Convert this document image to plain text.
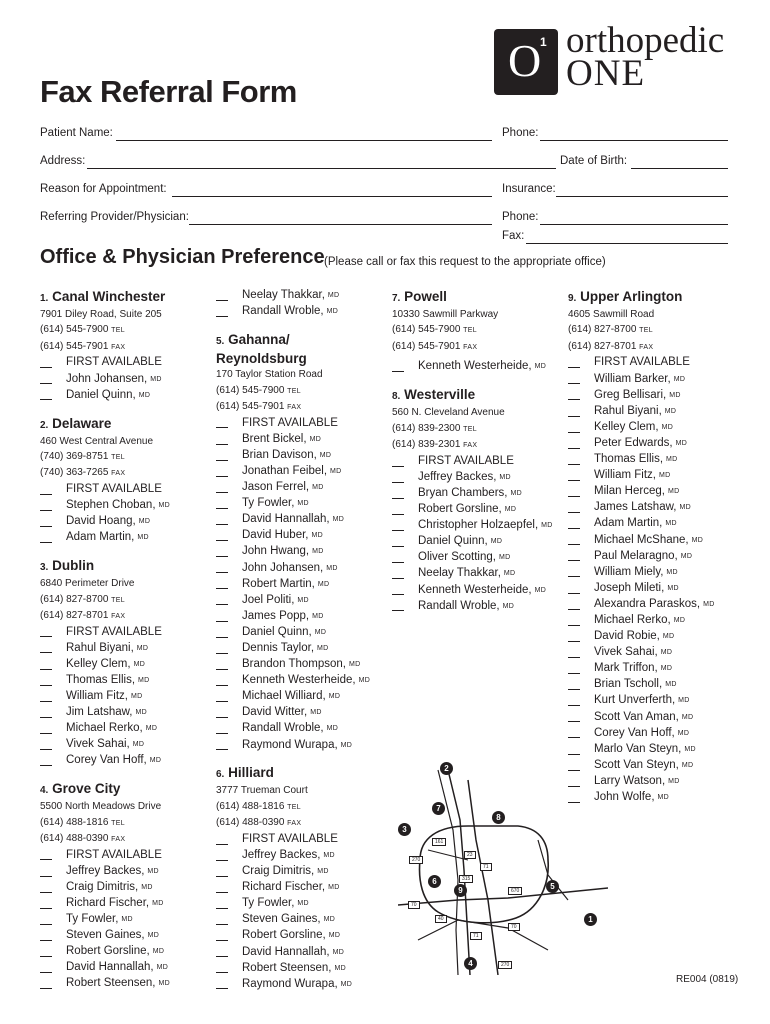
Fax Referral Form
O
1 orthopedic
ONE
Patient Name:	Phone:
Address:	Date of Birth:
Reason for Appointment:	Insurance:
Referring Provider/Physician:	Phone:
Fax:
Office & Physician Preference (Please call or fax this request to the appropriate office)
1. Canal Winchester
7901 Diley Road, Suite 205
(614) 545-7900 TEL
(614) 545-7901 FAX
FIRST AVAILABLE
John Johansen, MD
Daniel Quinn, MD
2. Delaware
460 West Central Avenue
(740) 369-8751 TEL
(740) 363-7265 FAX
FIRST AVAILABLE
Stephen Choban, MD
David Hoang, MD
Adam Martin, MD
3. Dublin
6840 Perimeter Drive
(614) 827-8700 TEL
(614) 827-8701 FAX
FIRST AVAILABLE
Rahul Biyani, MD
Kelley Clem, MD
Thomas Ellis, MD
William Fitz, MD
Jim Latshaw, MD
Michael Rerko, MD
Vivek Sahai, MD
Corey Van Hoff, MD
4. Grove City
5500 North Meadows Drive
(614) 488-1816 TEL
(614) 488-0390 FAX
FIRST AVAILABLE
Jeffrey Backes, MD
Craig Dimitris, MD
Richard Fischer, MD
Ty Fowler, MD
Steven Gaines, MD
Robert Gorsline, MD
David Hannallah, MD
Robert Steensen, MD
Neelay Thakkar, MD
Randall Wroble, MD
5. Gahanna/
Reynoldsburg
170 Taylor Station Road
(614) 545-7900 TEL
(614) 545-7901 FAX
FIRST AVAILABLE
Brent Bickel, MD
Brian Davison, MD
Jonathan Feibel, MD
Jason Ferrel, MD
Ty Fowler, MD
David Hannallah, MD
David Huber, MD
John Hwang, MD
John Johansen, MD
Robert Martin, MD
Joel Politi, MD
James Popp, MD
Daniel Quinn, MD
Dennis Taylor, MD
Brandon Thompson, MD
Kenneth Westerheide, MD
Michael Williard, MD
David Witter, MD
Randall Wroble, MD
Raymond Wurapa, MD
6. Hilliard
3777 Trueman Court
(614) 488-1816 TEL
(614) 488-0390 FAX
FIRST AVAILABLE
Jeffrey Backes, MD
Craig Dimitris, MD
Richard Fischer, MD
Ty Fowler, MD
Steven Gaines, MD
Robert Gorsline, MD
David Hannallah, MD
Robert Steensen, MD
Raymond Wurapa, MD
7. Powell
10330 Sawmill Parkway
(614) 545-7900 TEL
(614) 545-7901 FAX
Kenneth Westerheide, MD
8. Westerville
560 N. Cleveland Avenue
(614) 839-2300 TEL
(614) 839-2301 FAX
FIRST AVAILABLE
Jeffrey Backes, MD
Bryan Chambers, MD
Robert Gorsline, MD
Christopher Holzaepfel, MD
Daniel Quinn, MD
Oliver Scotting, MD
Neelay Thakkar, MD
Kenneth Westerheide, MD
Randall Wroble, MD
9. Upper Arlington
4605 Sawmill Road
(614) 827-8700 TEL
(614) 827-8701 FAX
FIRST AVAILABLE
William Barker, MD
Greg Bellisari, MD
Rahul Biyani, MD
Kelley Clem, MD
Peter Edwards, MD
Thomas Ellis, MD
William Fitz, MD
Milan Herceg, MD
James Latshaw, MD
Adam Martin, MD
Michael McShane, MD
Paul Melaragno, MD
William Miely, MD
Joseph Mileti, MD
Alexandra Paraskos, MD
Michael Rerko, MD
David Robie, MD
Vivek Sahai, MD
Mark Triffon, MD
Brian Tscholl, MD
Kurt Unverferth, MD
Scott Van Aman, MD
Corey Van Hoff, MD
Marlo Van Steyn, MD
Scott Van Steyn, MD
Larry Watson, MD
John Wolfe, MD
2
7
8
3
6
9	5
1
4
161
23
71
270
315
670
70
40
70
71
270
RE004 (0819)
